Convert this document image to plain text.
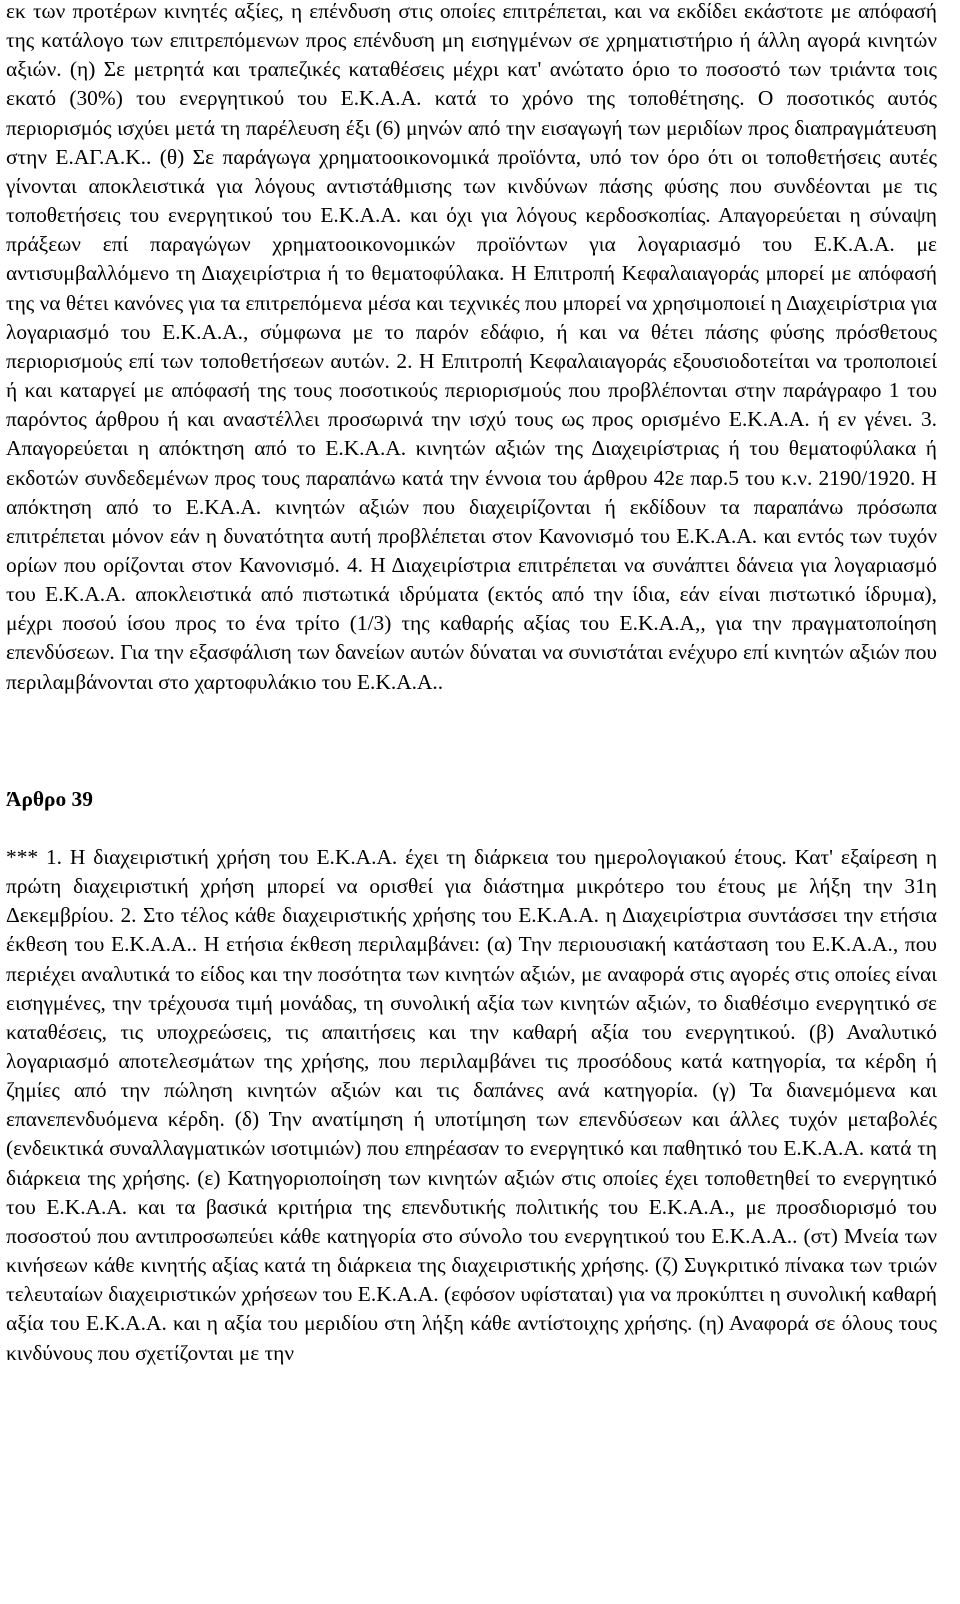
εκ των προτέρων κινητές αξίες, η επένδυση στις οποίες επιτρέπεται, και να εκδίδει εκάστοτε με απόφασή της κατάλογο των επιτρεπόμενων προς επένδυση μη εισηγμένων σε χρηματιστήριο ή άλλη αγορά κινητών αξιών. (η) Σε μετρητά και τραπεζικές καταθέσεις μέχρι κατ' ανώτατο όριο το ποσοστό των τριάντα τοις εκατό (30%) του ενεργητικού του Ε.Κ.Α.Α. κατά το χρόνο της τοποθέτησης. Ο ποσοτικός αυτός περιορισμός ισχύει μετά τη παρέλευση έξι (6) μηνών από την εισαγωγή των μεριδίων προς διαπραγμάτευση στην Ε.ΑΓ.Α.Κ.. (θ) Σε παράγωγα χρηματοοικονομικά προϊόντα, υπό τον όρο ότι οι τοποθετήσεις αυτές γίνονται αποκλειστικά για λόγους αντιστάθμισης των κινδύνων πάσης φύσης που συνδέονται με τις τοποθετήσεις του ενεργητικού του Ε.Κ.Α.Α. και όχι για λόγους κερδοσκοπίας. Απαγορεύεται η σύναψη πράξεων επί παραγώγων χρηματοοικονομικών προϊόντων για λογαριασμό του Ε.Κ.Α.Α. με αντισυμβαλλόμενο τη Διαχειρίστρια ή το θεματοφύλακα. Η Επιτροπή Κεφαλαιαγοράς μπορεί με απόφασή της να θέτει κανόνες για τα επιτρεπόμενα μέσα και τεχνικές που μπορεί να χρησιμοποιεί η Διαχειρίστρια για λογαριασμό του Ε.Κ.Α.Α., σύμφωνα με το παρόν εδάφιο, ή και να θέτει πάσης φύσης πρόσθετους περιορισμούς επί των τοποθετήσεων αυτών. 2. Η Επιτροπή Κεφαλαιαγοράς εξουσιοδοτείται να τροποποιεί ή και καταργεί με απόφασή της τους ποσοτικούς περιορισμούς που προβλέπονται στην παράγραφο 1 του παρόντος άρθρου ή και αναστέλλει προσωρινά την ισχύ τους ως προς ορισμένο Ε.Κ.Α.Α. ή εν γένει. 3. Απαγορεύεται η απόκτηση από το Ε.Κ.Α.Α. κινητών αξιών της Διαχειρίστριας ή του θεματοφύλακα ή εκδοτών συνδεδεμένων προς τους παραπάνω κατά την έννοια του άρθρου 42ε παρ.5 του κ.ν. 2190/1920. Η απόκτηση από το Ε.ΚΑ.Α. κινητών αξιών που διαχειρίζονται ή εκδίδουν τα παραπάνω πρόσωπα επιτρέπεται μόνον εάν η δυνατότητα αυτή προβλέπεται στον Κανονισμό του Ε.Κ.Α.Α. και εντός των τυχόν ορίων που ορίζονται στον Κανονισμό. 4. Η Διαχειρίστρια επιτρέπεται να συνάπτει δάνεια για λογαριασμό του Ε.Κ.Α.Α. αποκλειστικά από πιστωτικά ιδρύματα (εκτός από την ίδια, εάν είναι πιστωτικό ίδρυμα), μέχρι ποσού ίσου προς το ένα τρίτο (1/3) της καθαρής αξίας του Ε.Κ.Α.Α,, για την πραγματοποίηση επενδύσεων. Για την εξασφάλιση των δανείων αυτών δύναται να συνιστάται ενέχυρο επί κινητών αξιών που περιλαμβάνονται στο χαρτοφυλάκιο του Ε.Κ.Α.Α..

Άρθρο 39

*** 1. Η διαχειριστική χρήση του Ε.Κ.Α.Α. έχει τη διάρκεια του ημερολογιακού έτους. Κατ' εξαίρεση η πρώτη διαχειριστική χρήση μπορεί να ορισθεί για διάστημα μικρότερο του έτους με λήξη την 31η Δεκεμβρίου. 2. Στο τέλος κάθε διαχειριστικής χρήσης του Ε.Κ.Α.Α. η Διαχειρίστρια συντάσσει την ετήσια έκθεση του Ε.Κ.Α.Α.. Η ετήσια έκθεση περιλαμβάνει: (α) Την περιουσιακή κατάσταση του Ε.Κ.Α.Α., που περιέχει αναλυτικά το είδος και την ποσότητα των κινητών αξιών, με αναφορά στις αγορές στις οποίες είναι εισηγμένες, την τρέχουσα τιμή μονάδας, τη συνολική αξία των κινητών αξιών, το διαθέσιμο ενεργητικό σε καταθέσεις, τις υποχρεώσεις, τις απαιτήσεις και την καθαρή αξία του ενεργητικού. (β) Αναλυτικό λογαριασμό αποτελεσμάτων της χρήσης, που περιλαμβάνει τις προσόδους κατά κατηγορία, τα κέρδη ή ζημίες από την πώληση κινητών αξιών και τις δαπάνες ανά κατηγορία. (γ) Τα διανεμόμενα και επανεπενδυόμενα κέρδη. (δ) Την ανατίμηση ή υποτίμηση των επενδύσεων και άλλες τυχόν μεταβολές (ενδεικτικά συναλλαγματικών ισοτιμιών) που επηρέασαν το ενεργητικό και παθητικό του Ε.Κ.Α.Α. κατά τη διάρκεια της χρήσης. (ε) Κατηγοριοποίηση των κινητών αξιών στις οποίες έχει τοποθετηθεί το ενεργητικό του Ε.Κ.Α.Α. και τα βασικά κριτήρια της επενδυτικής πολιτικής του Ε.Κ.Α.Α., με προσδιορισμό του ποσοστού που αντιπροσωπεύει κάθε κατηγορία στο σύνολο του ενεργητικού του Ε.Κ.Α.Α.. (στ) Μνεία των κινήσεων κάθε κινητής αξίας κατά τη διάρκεια της διαχειριστικής χρήσης. (ζ) Συγκριτικό πίνακα των τριών τελευταίων διαχειριστικών χρήσεων του Ε.Κ.Α.Α. (εφόσον υφίσταται) για να προκύπτει η συνολική καθαρή αξία του Ε.Κ.Α.Α. και η αξία του μεριδίου στη λήξη κάθε αντίστοιχης χρήσης. (η) Αναφορά σε όλους τους κινδύνους που σχετίζονται με την
